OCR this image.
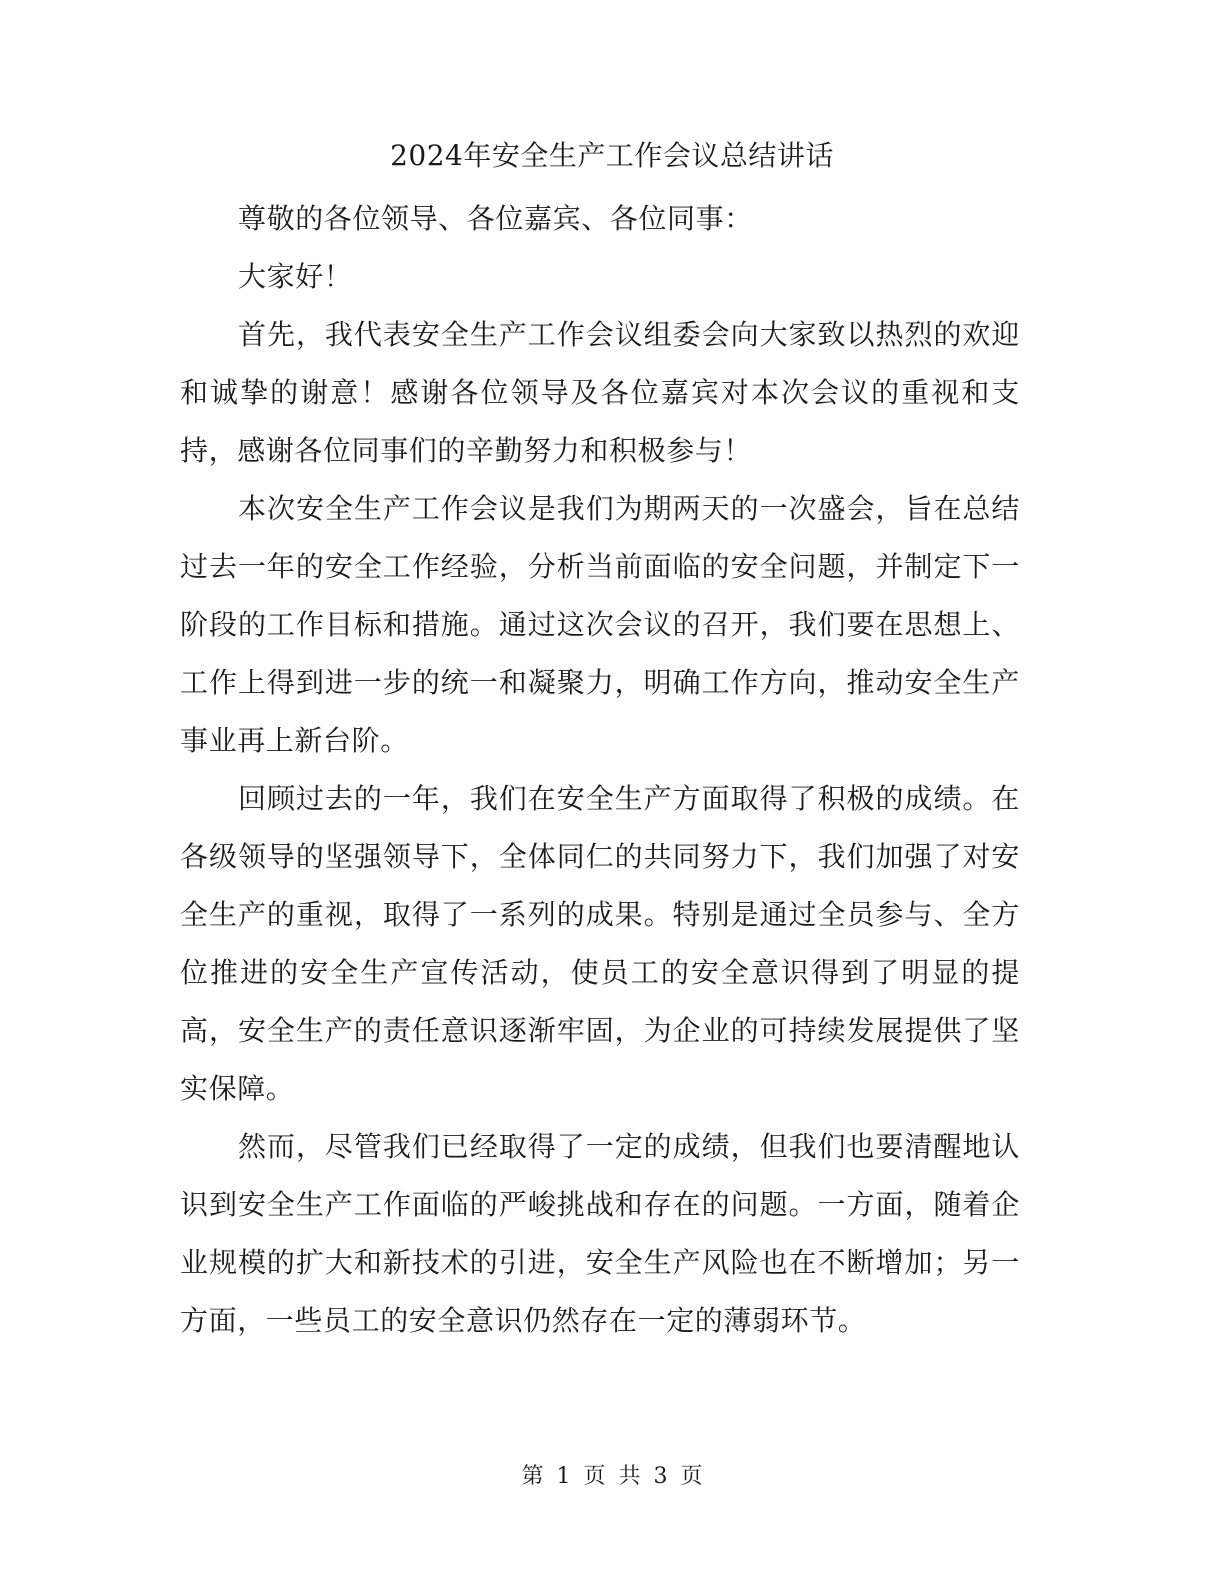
2024年安全生产工作会议总结讲话

尊敬的各位领导、各位嘉宾、各位同事：

大家好！

首先，我代表安全生产工作会议组委会向大家致以热烈的欢迎和诚挚的谢意！感谢各位领导及各位嘉宾对本次会议的重视和支持，感谢各位同事们的辛勤努力和积极参与！

本次安全生产工作会议是我们为期两天的一次盛会，旨在总结过去一年的安全工作经验，分析当前面临的安全问题，并制定下一阶段的工作目标和措施。通过这次会议的召开，我们要在思想上、工作上得到进一步的统一和凝聚力，明确工作方向，推动安全生产事业再上新台阶。

回顾过去的一年，我们在安全生产方面取得了积极的成绩。在各级领导的坚强领导下，全体同仁的共同努力下，我们加强了对安全生产的重视，取得了一系列的成果。特别是通过全员参与、全方位推进的安全生产宣传活动，使员工的安全意识得到了明显的提高，安全生产的责任意识逐渐牢固，为企业的可持续发展提供了坚实保障。

然而，尽管我们已经取得了一定的成绩，但我们也要清醒地认识到安全生产工作面临的严峻挑战和存在的问题。一方面，随着企业规模的扩大和新技术的引进，安全生产风险也在不断增加；另一方面，一些员工的安全意识仍然存在一定的薄弱环节。

第 1 页 共 3 页
